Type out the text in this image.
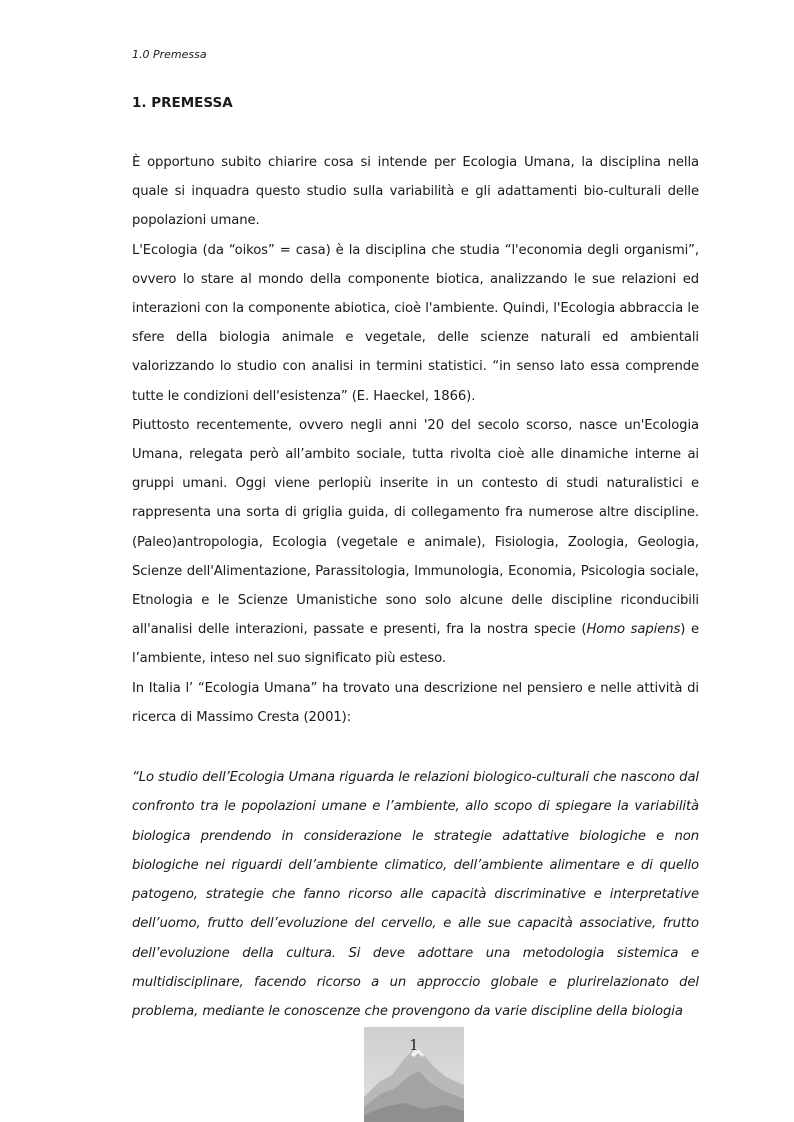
1.0 Premessa
1. PREMESSA

È opportuno subito chiarire cosa si intende per Ecologia Umana, la disciplina nella quale si inquadra questo studio sulla variabilità e gli adattamenti bio-culturali delle popolazioni umane.

L'Ecologia (da “oikos” = casa) è la disciplina che studia “l'economia degli organismi”, ovvero lo stare al mondo della componente biotica, analizzando le sue relazioni ed interazioni con la componente abiotica, cioè l'ambiente. Quindi, l'Ecologia abbraccia le sfere della biologia animale e vegetale, delle scienze naturali ed ambientali valorizzando lo studio con analisi in termini statistici. “in senso lato essa comprende tutte le condizioni dell'esistenza” (E. Haeckel, 1866).

Piuttosto recentemente, ovvero negli anni '20 del secolo scorso, nasce un'Ecologia Umana, relegata però all’ambito sociale, tutta rivolta cioè alle dinamiche interne ai gruppi umani. Oggi viene perlopiù inserite in un contesto di studi naturalistici e rappresenta una sorta di griglia guida, di collegamento fra numerose altre discipline. (Paleo)antropologia, Ecologia (vegetale e animale), Fisiologia, Zoologia, Geologia, Scienze dell'Alimentazione, Parassitologia, Immunologia, Economia, Psicologia sociale, Etnologia e le Scienze Umanistiche sono solo alcune delle discipline riconducibili all'analisi delle interazioni, passate e presenti, fra la nostra specie (Homo sapiens) e l’ambiente, inteso nel suo significato più esteso.

In Italia l’ “Ecologia Umana” ha trovato una descrizione nel pensiero e nelle attività di ricerca di Massimo Cresta (2001):

“Lo studio dell’Ecologia Umana riguarda le relazioni biologico-culturali che nascono dal confronto tra le popolazioni umane e l’ambiente, allo scopo di spiegare la variabilità biologica prendendo in considerazione le strategie adattative biologiche e non biologiche nei riguardi dell’ambiente climatico, dell’ambiente alimentare e di quello patogeno, strategie che fanno ricorso alle capacità discriminative e interpretative dell’uomo, frutto dell’evoluzione del cervello, e alle sue capacità associative, frutto dell’evoluzione della cultura. Si deve adottare una metodologia sistemica e multidisciplinare, facendo ricorso a un approccio globale e plurirelazionato del problema, mediante le conoscenze che provengono da varie discipline della biologia
1
